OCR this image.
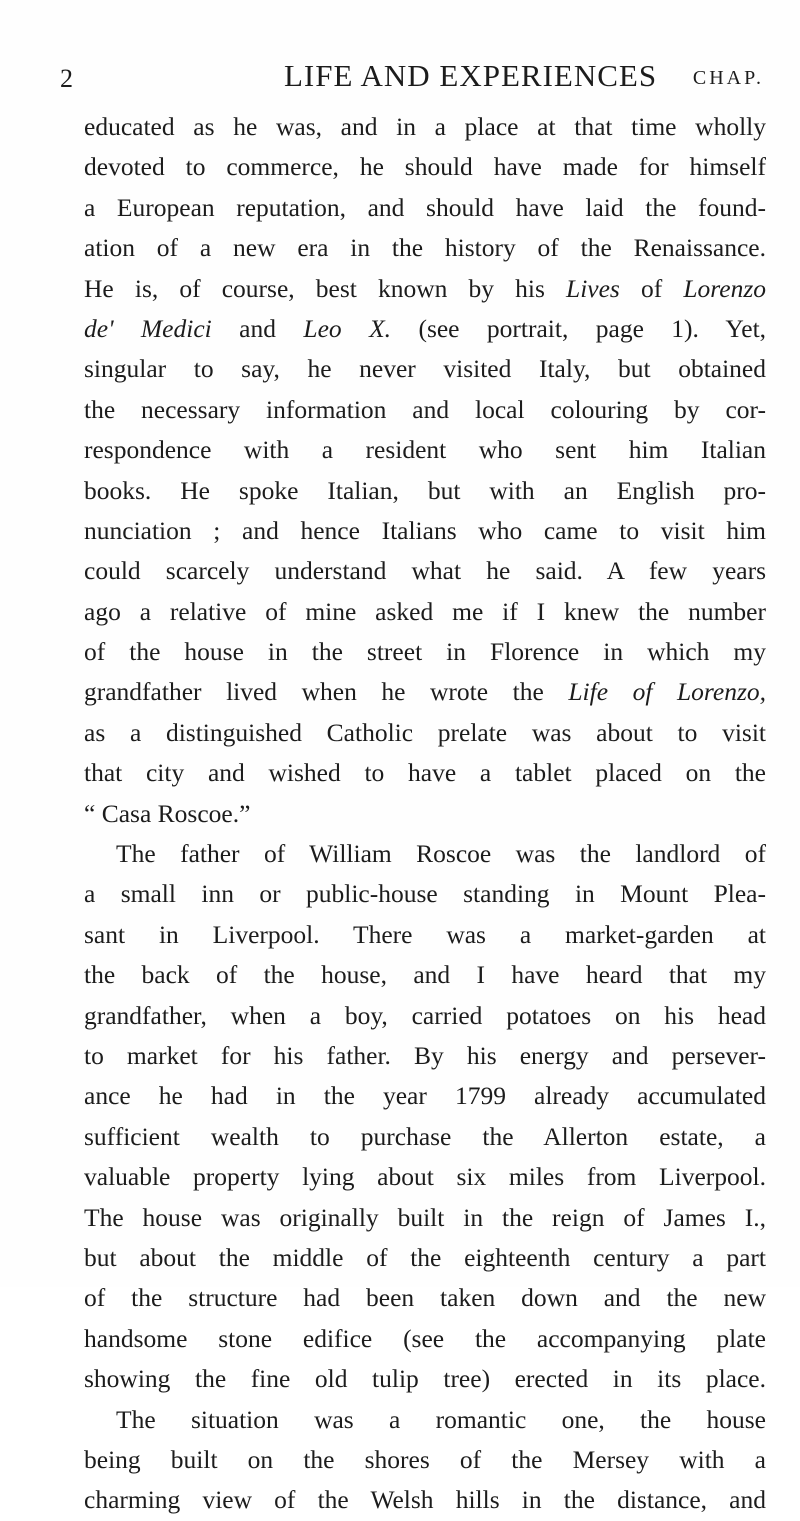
2	LIFE AND EXPERIENCES CHAP.
educated as he was, and in a place at that time wholly
devoted to commerce, he should have made for himself
a European reputation, and should have laid the found-
ation of a new era in the history of the Renaissance.
He is, of course, best known by his Lives of Lorenzo
de' Medici and Leo X. (see portrait, page 1). Yet,
singular to say, he never visited Italy, but obtained
the necessary information and local colouring by cor-
respondence with a resident who sent him Italian
books. He spoke Italian, but with an English pro-
nunciation ; and hence Italians who came to visit him
could scarcely understand what he said. A few years
ago a relative of mine asked me if I knew the number
of the house in the street in Florence in which my
grandfather lived when he wrote the Life of Lorenzo,
as a distinguished Catholic prelate was about to visit
that city and wished to have a tablet placed on the
“ Casa Roscoe.”
The father of William Roscoe was the landlord of
a small inn or public-house standing in Mount Plea-
sant in Liverpool. There was a market-garden at
the back of the house, and I have heard that my
grandfather, when a boy, carried potatoes on his head
to market for his father. By his energy and persever-
ance he had in the year 1799 already accumulated
sufficient wealth to purchase the Allerton estate, a
valuable property lying about six miles from Liverpool.
The house was originally built in the reign of James I.,
but about the middle of the eighteenth century a part
of the structure had been taken down and the new
handsome stone edifice (see the accompanying plate
showing the fine old tulip tree) erected in its place.
The situation was a romantic one, the house
being built on the shores of the Mersey with a
charming view of the Welsh hills in the distance, and
